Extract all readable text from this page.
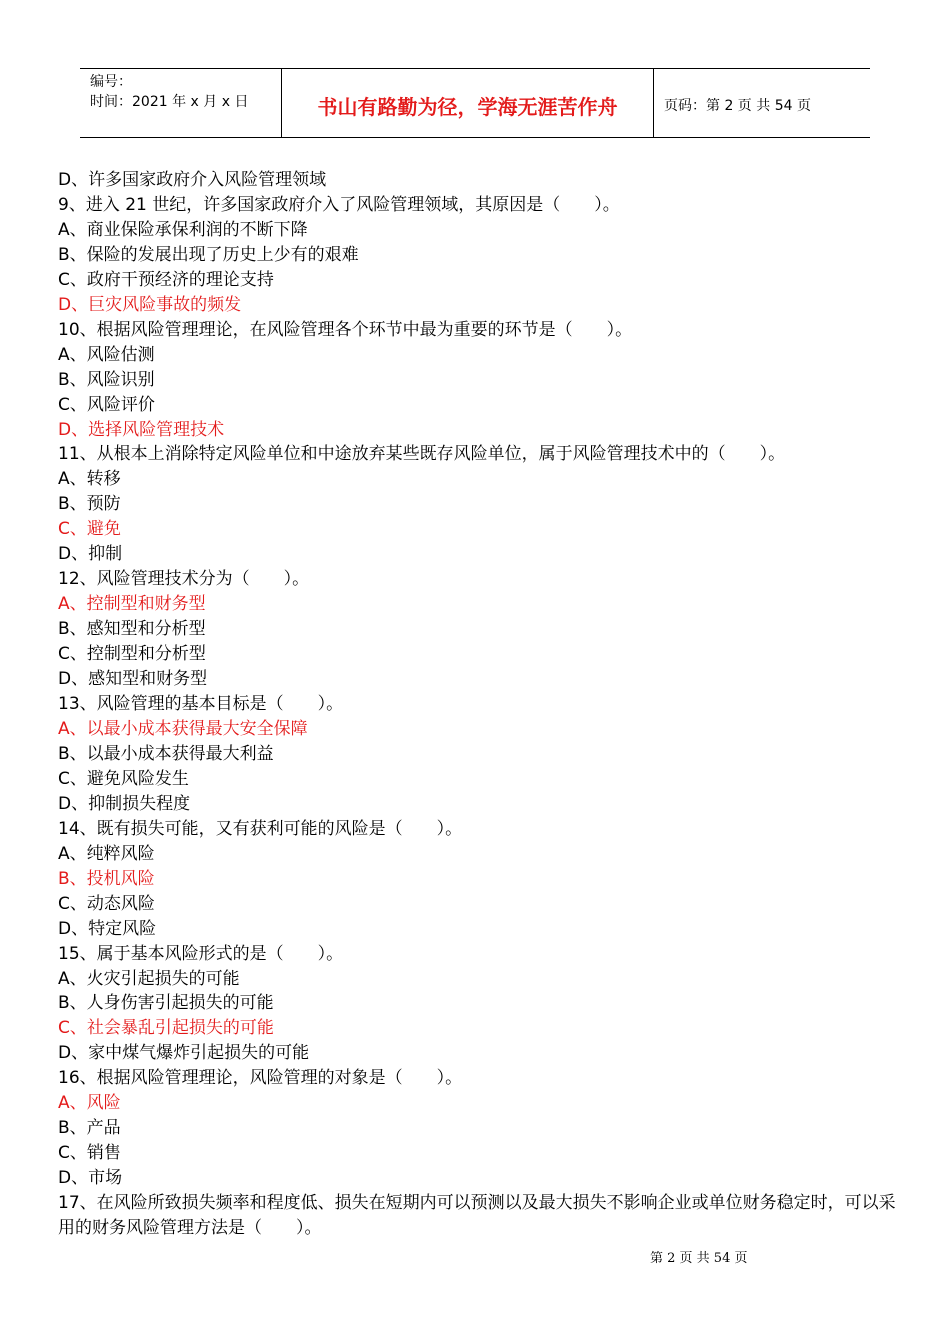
编号：
时间：2021 年 x 月 x 日	书山有路勤为径，学海无涯苦作舟	页码：第 2 页 共 54 页
D、许多国家政府介入风险管理领域
9、进入 21 世纪，许多国家政府介入了风险管理领域，其原因是（　　）。
A、商业保险承保利润的不断下降
B、保险的发展出现了历史上少有的艰难
C、政府干预经济的理论支持
D、巨灾风险事故的频发
10、根据风险管理理论，在风险管理各个环节中最为重要的环节是（　　）。
A、风险估测
B、风险识别
C、风险评价
D、选择风险管理技术
11、从根本上消除特定风险单位和中途放弃某些既存风险单位，属于风险管理技术中的（　　）。
A、转移
B、预防
C、避免
D、抑制
12、风险管理技术分为（　　）。
A、控制型和财务型
B、感知型和分析型
C、控制型和分析型
D、感知型和财务型
13、风险管理的基本目标是（　　）。
A、以最小成本获得最大安全保障
B、以最小成本获得最大利益
C、避免风险发生
D、抑制损失程度
14、既有损失可能，又有获利可能的风险是（　　）。
A、纯粹风险
B、投机风险
C、动态风险
D、特定风险
15、属于基本风险形式的是（　　）。
A、火灾引起损失的可能
B、人身伤害引起损失的可能
C、社会暴乱引起损失的可能
D、家中煤气爆炸引起损失的可能
16、根据风险管理理论，风险管理的对象是（　　）。
A、风险
B、产品
C、销售
D、市场
17、在风险所致损失频率和程度低、损失在短期内可以预测以及最大损失不影响企业或单位财务稳定时，可以采用的财务风险管理方法是（　　）。
第 2 页 共 54 页
